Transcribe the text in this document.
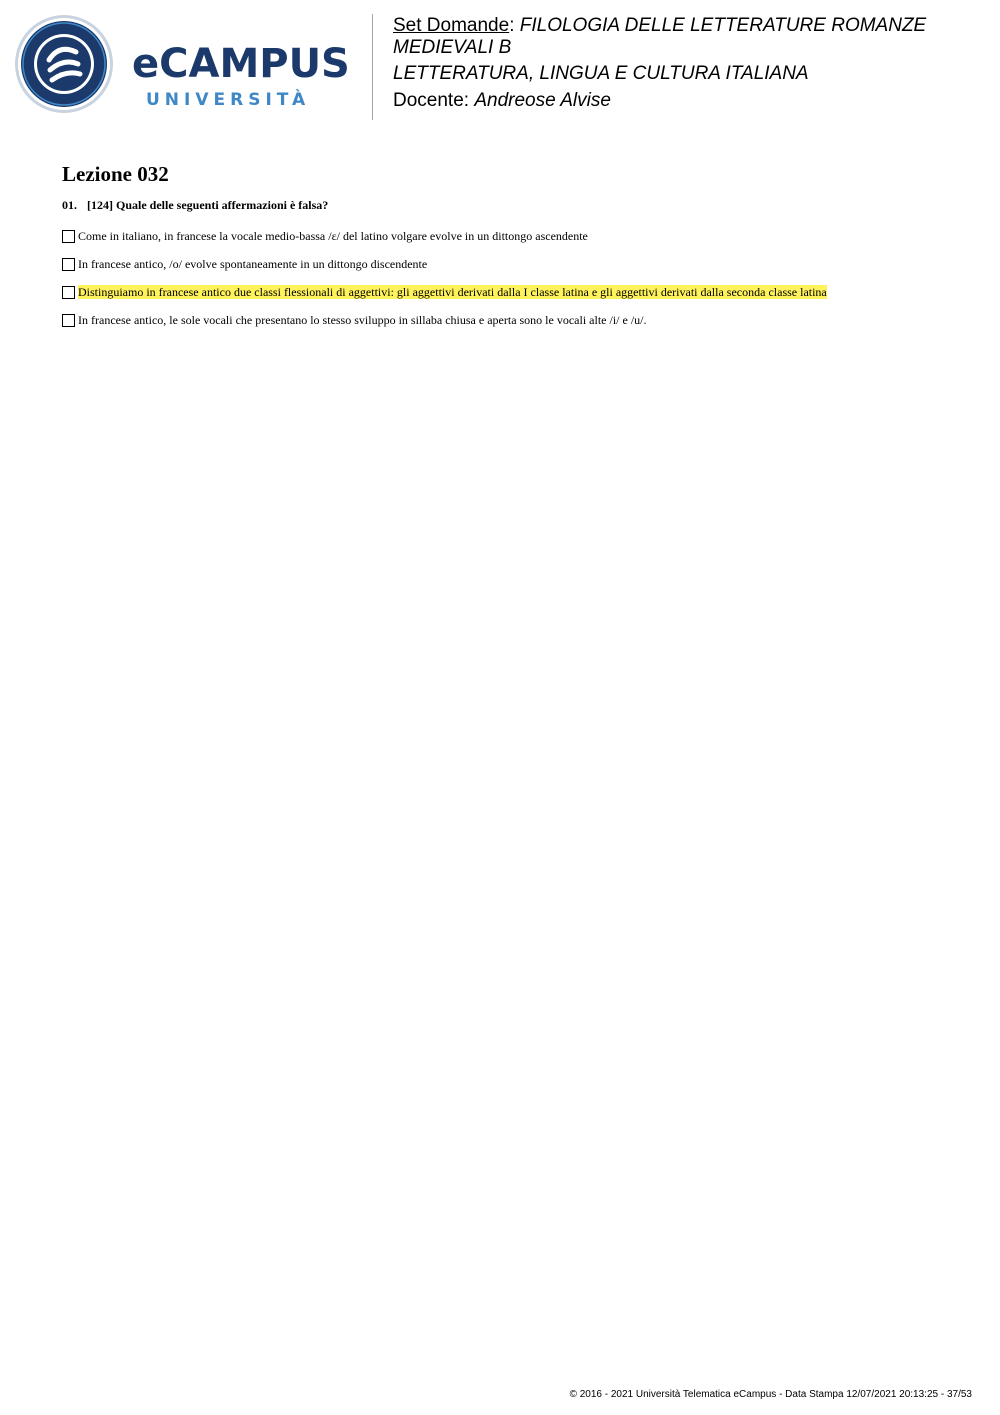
eCAMPUS
UNIVERSITÀ
Set Domande: FILOLOGIA DELLE LETTERATURE ROMANZE MEDIEVALI B
LETTERATURA, LINGUA E CULTURA ITALIANA
Docente: Andreose Alvise
Lezione 032
01. [124] Quale delle seguenti affermazioni è falsa?
Come in italiano, in francese la vocale medio-bassa /ɛ/ del latino volgare evolve in un dittongo ascendente
In francese antico, /o/ evolve spontaneamente in un dittongo discendente
Distinguiamo in francese antico due classi flessionali di aggettivi: gli aggettivi derivati dalla I classe latina e gli aggettivi derivati dalla seconda classe latina
In francese antico, le sole vocali che presentano lo stesso sviluppo in sillaba chiusa e aperta sono le vocali alte /i/ e /u/.
© 2016 - 2021 Università Telematica eCampus - Data Stampa 12/07/2021 20:13:25 - 37/53
